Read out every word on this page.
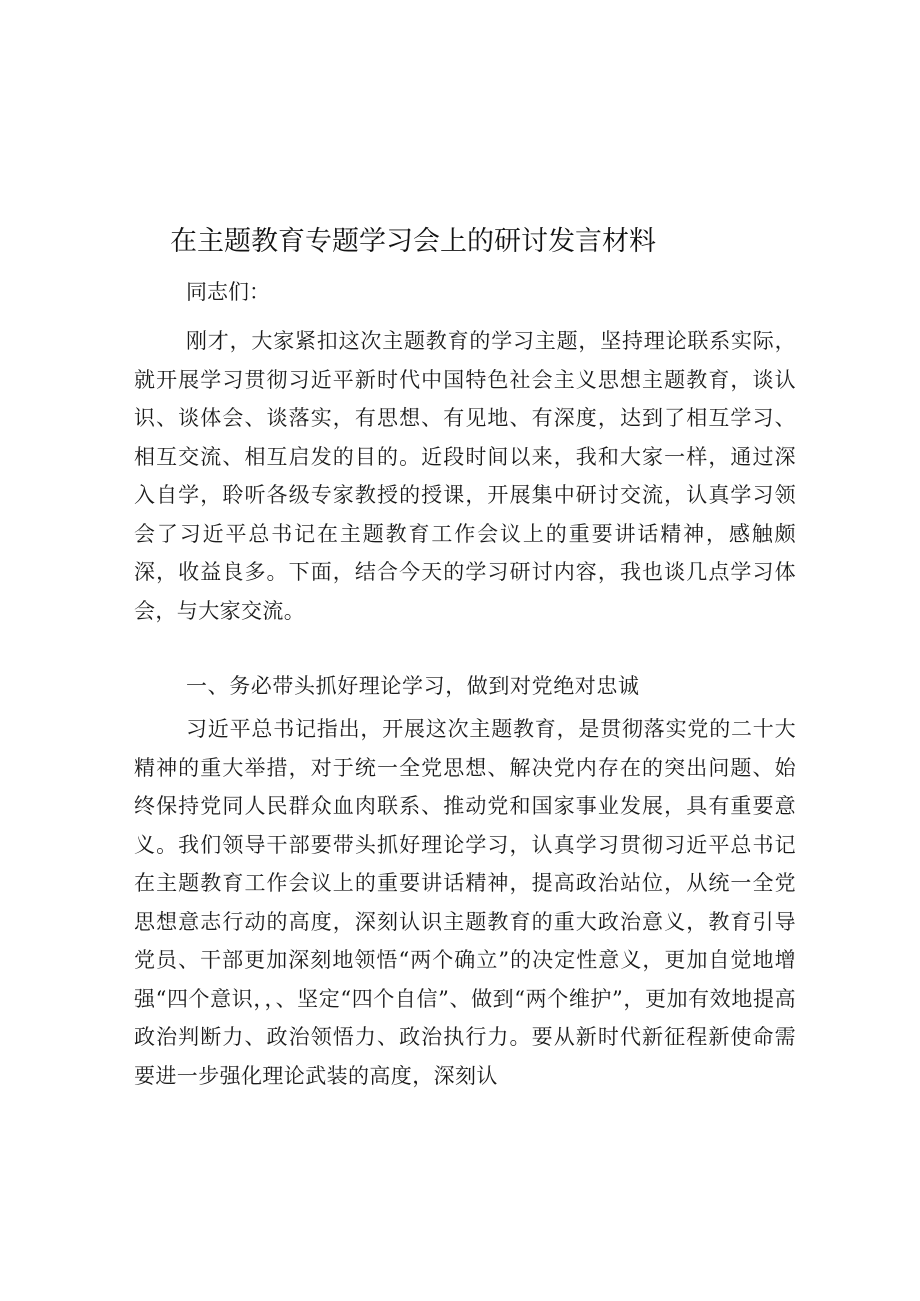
在主题教育专题学习会上的研讨发言材料

同志们：

刚才，大家紧扣这次主题教育的学习主题，坚持理论联系实际，就开展学习贯彻习近平新时代中国特色社会主义思想主题教育，谈认识、谈体会、谈落实，有思想、有见地、有深度，达到了相互学习、相互交流、相互启发的目的。近段时间以来，我和大家一样，通过深入自学，聆听各级专家教授的授课，开展集中研讨交流，认真学习领会了习近平总书记在主题教育工作会议上的重要讲话精神，感触颇深，收益良多。下面，结合今天的学习研讨内容，我也谈几点学习体会，与大家交流。

一、务必带头抓好理论学习，做到对党绝对忠诚

习近平总书记指出，开展这次主题教育，是贯彻落实党的二十大精神的重大举措，对于统一全党思想、解决党内存在的突出问题、始终保持党同人民群众血肉联系、推动党和国家事业发展，具有重要意义。我们领导干部要带头抓好理论学习，认真学习贯彻习近平总书记在主题教育工作会议上的重要讲话精神，提高政治站位，从统一全党思想意志行动的高度，深刻认识主题教育的重大政治意义，教育引导党员、干部更加深刻地领悟“两个确立”的决定性意义，更加自觉地增强“四个意识，，、坚定“四个自信”、做到“两个维护”，更加有效地提高政治判断力、政治领悟力、政治执行力。要从新时代新征程新使命需要进一步强化理论武装的高度，深刻认
